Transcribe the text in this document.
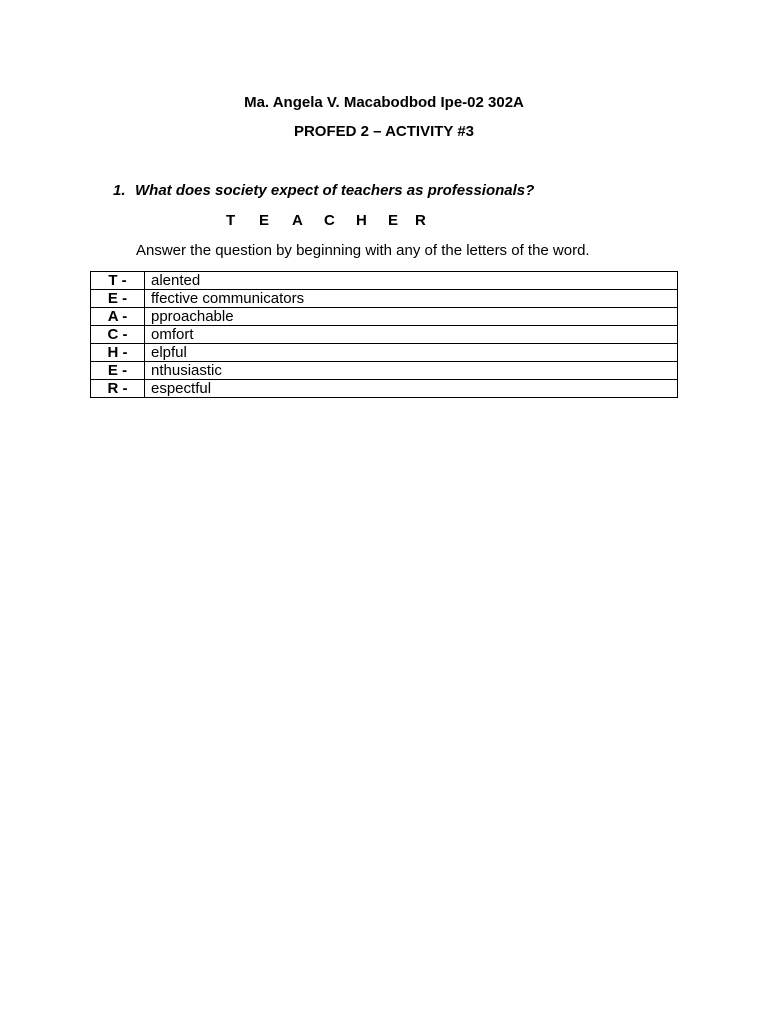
Ma. Angela V. Macabodbod Ipe-02 302A
PROFED 2 – ACTIVITY #3
1. What does society expect of teachers as professionals?
T	E	A	C	H	E	R
Answer the question by beginning with any of the letters of the word.
T -	alented
E -	ffective communicators
A -	pproachable
C -	omfort
H -	elpful
E -	nthusiastic
R -	espectful
